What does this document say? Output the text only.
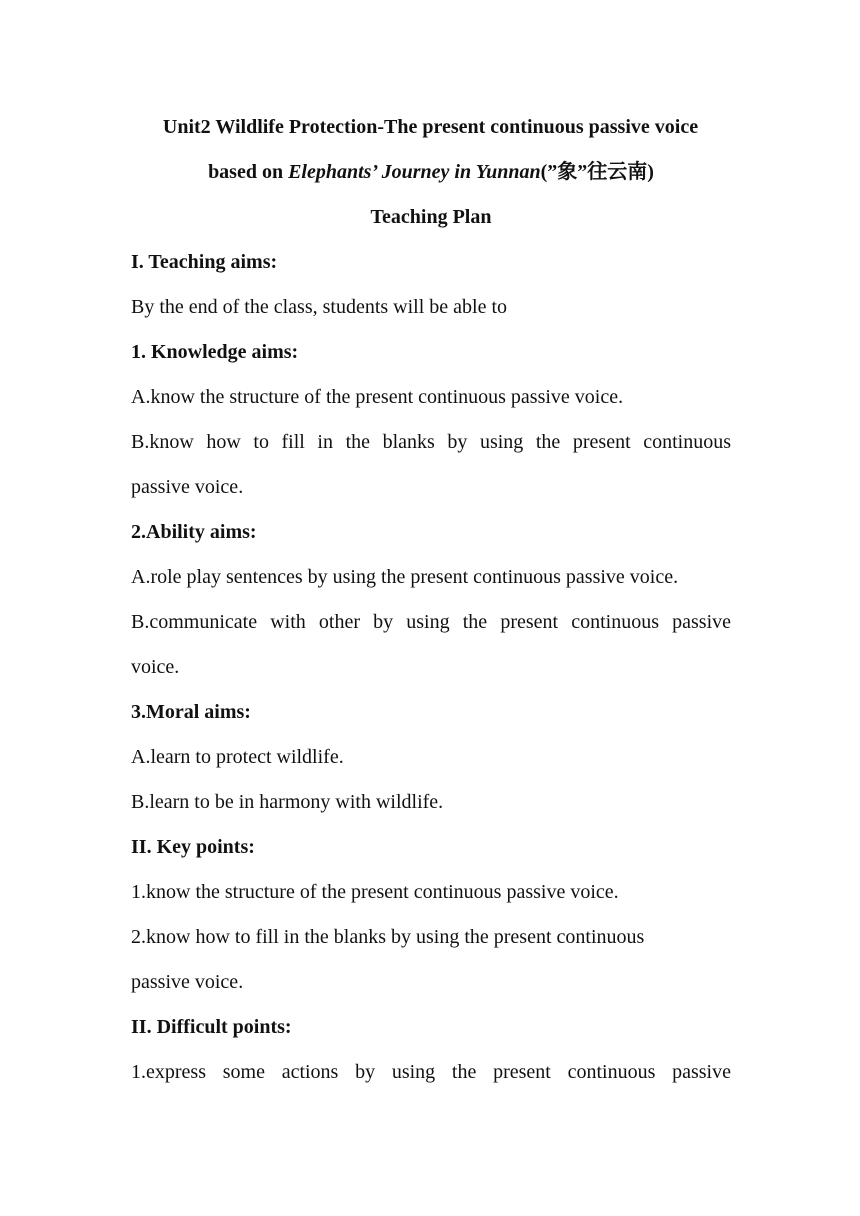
Unit2 Wildlife Protection-The present continuous passive voice
based on Elephants’ Journey in Yunnan(”象”往云南)
Teaching Plan
I. Teaching aims:
By the end of the class, students will be able to
1. Knowledge aims:
A.know the structure of the present continuous passive voice.
B.know how to fill in the blanks by using the present continuous
passive voice.
2.Ability aims:
A.role play sentences by using the present continuous passive voice.
B.communicate with other by using the present continuous passive
voice.
3.Moral aims:
A.learn to protect wildlife.
B.learn to be in harmony with wildlife.
II. Key points:
1.know the structure of the present continuous passive voice.
2.know how to fill in the blanks by using the present continuous
passive voice.
II. Difficult points:
1.express some actions by using the present continuous passive
